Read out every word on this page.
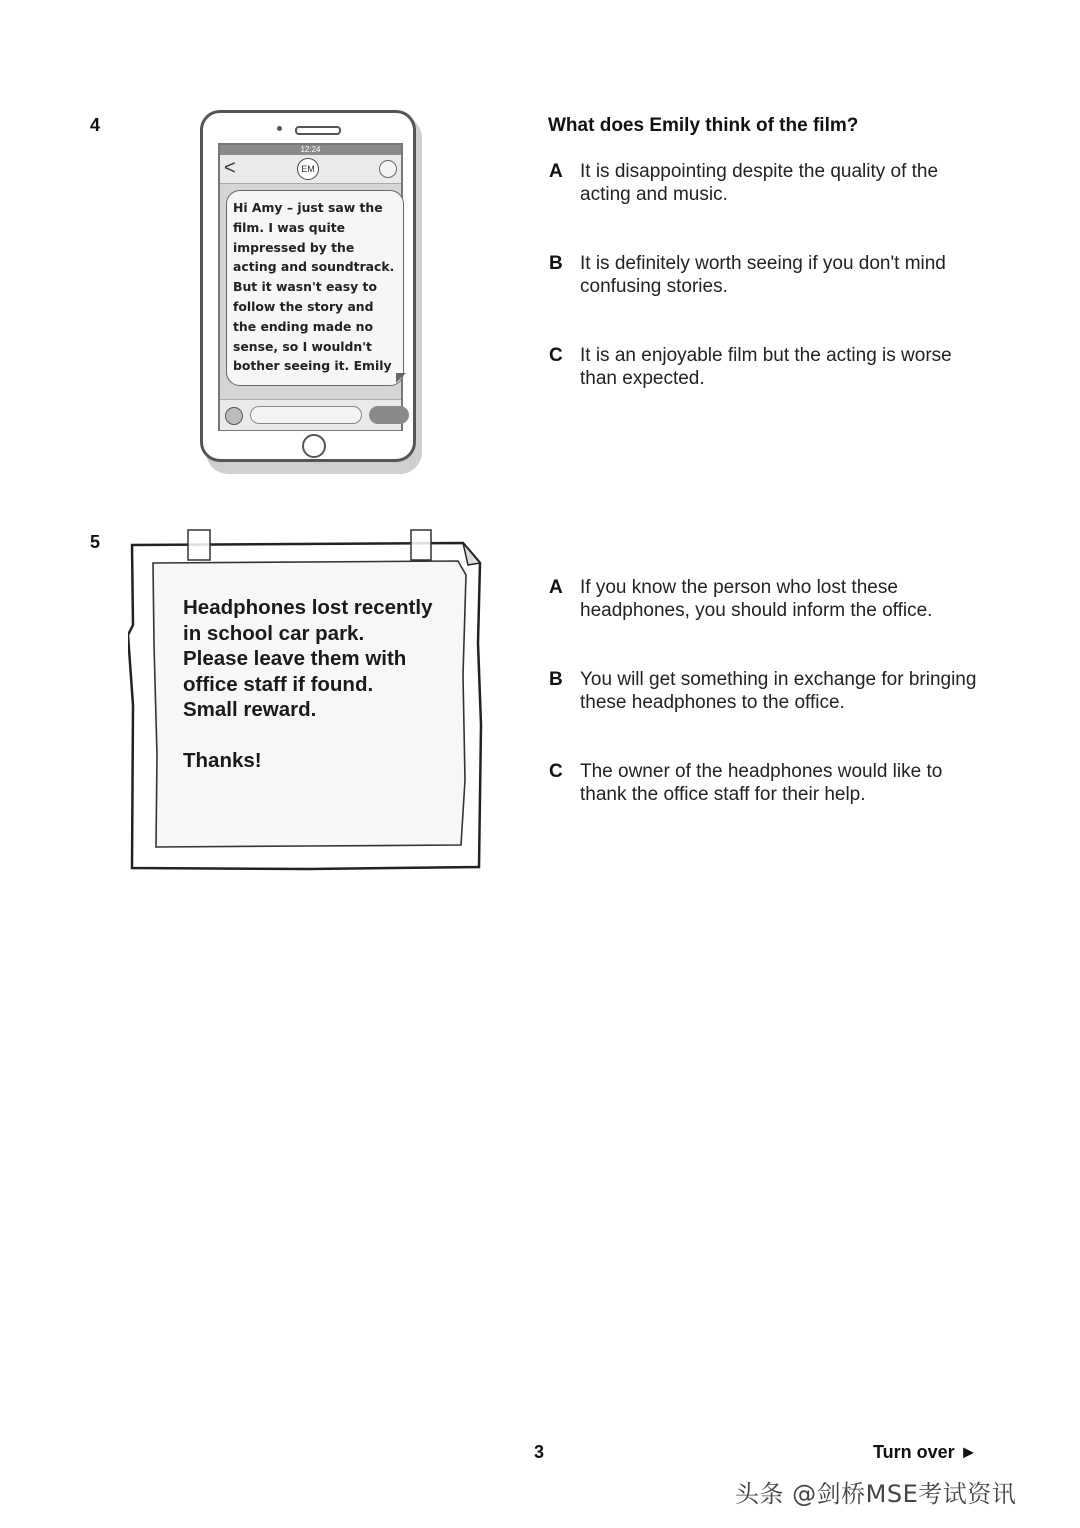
4
12:24
<	EM
Hi Amy – just saw the film. I was quite impressed by the acting and soundtrack. But it wasn't easy to follow the story and the ending made no sense, so I wouldn't bother seeing it. Emily
What does Emily think of the film?
A It is disappointing despite the quality of the acting and music.
B It is definitely worth seeing if you don't mind confusing stories.
C It is an enjoyable film but the acting is worse than expected.
5
Headphones lost recently
in school car park.
Please leave them with
office staff if found.
Small reward.

Thanks!
A If you know the person who lost these headphones, you should inform the office.
B You will get something in exchange for bringing these headphones to the office.
C The owner of the headphones would like to thank the office staff for their help.
3	Turn over ►
头条 @剑桥MSE考试资讯
